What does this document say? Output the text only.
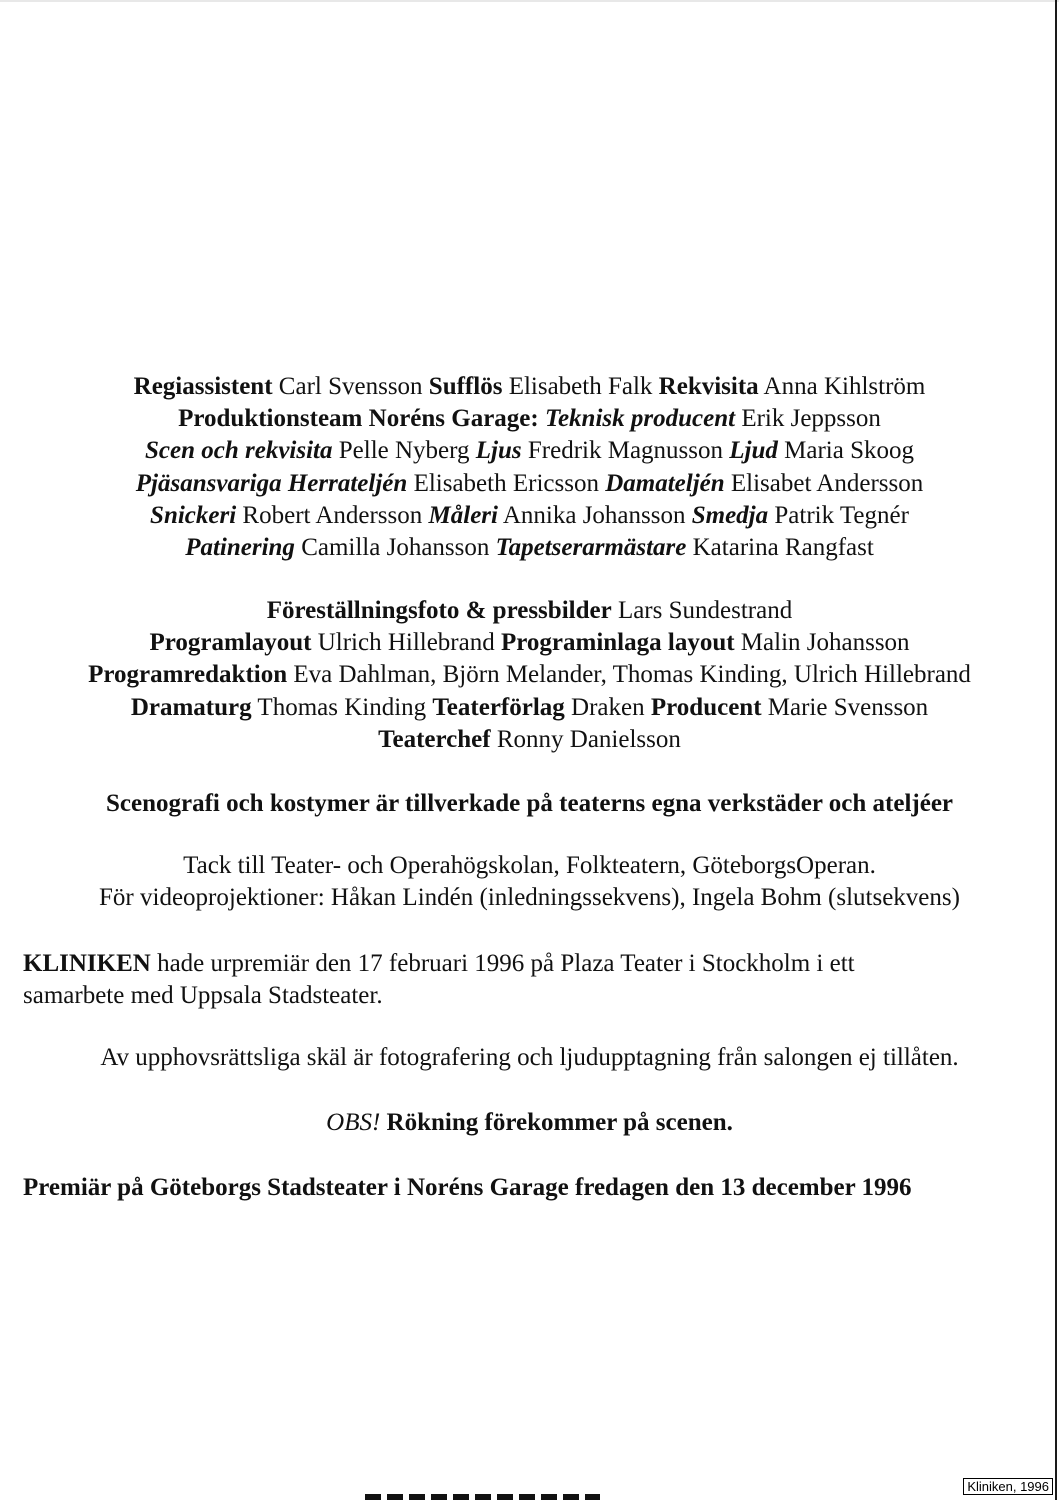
Regiassistent Carl Svensson Sufflös Elisabeth Falk Rekvisita Anna Kihlström

Produktionsteam Noréns Garage: Teknisk producent Erik Jeppsson

Scen och rekvisita Pelle Nyberg Ljus Fredrik Magnusson Ljud Maria Skoog

Pjäsansvariga Herrateljén Elisabeth Ericsson Damateljén Elisabet Andersson

Snickeri Robert Andersson Måleri Annika Johansson Smedja Patrik Tegnér

Patinering Camilla Johansson Tapetserarmästare Katarina Rangfast

Föreställningsfoto & pressbilder Lars Sundestrand

Programlayout Ulrich Hillebrand Programinlaga layout Malin Johansson

Programredaktion Eva Dahlman, Björn Melander, Thomas Kinding, Ulrich Hillebrand

Dramaturg Thomas Kinding Teaterförlag Draken Producent Marie Svensson

Teaterchef Ronny Danielsson

Scenografi och kostymer är tillverkade på teaterns egna verkstäder och ateljéer

Tack till Teater- och Operahögskolan, Folkteatern, GöteborgsOperan.

För videoprojektioner: Håkan Lindén (inledningssekvens), Ingela Bohm (slutsekvens)

KLINIKEN hade urpremiär den 17 februari 1996 på Plaza Teater i Stockholm i ett

samarbete med Uppsala Stadsteater.

Av upphovsrättsliga skäl är fotografering och ljudupptagning från salongen ej tillåten.

OBS! Rökning förekommer på scenen.

Premiär på Göteborgs Stadsteater i Noréns Garage fredagen den 13 december 1996

Kliniken, 1996
